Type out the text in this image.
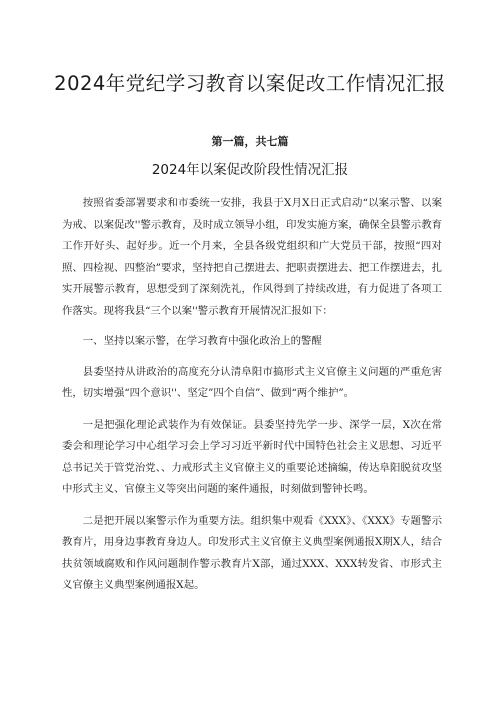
2024年党纪学习教育以案促改工作情况汇报
第一篇，共七篇
2024年以案促改阶段性情况汇报

按照省委部署要求和市委统一安排，我县于X月X日正式启动“以案示警、以案为戒、以案促改''警示教育，及时成立领导小组，印发实施方案，确保全县警示教育工作开好头、起好步。近一个月来，全县各级党组织和广大党员干部，按照“四对照、四检视、四整治”要求，坚持把自己摆进去、把职责摆进去、把工作摆进去，扎实开展警示教育，思想受到了深刻洗礼，作风得到了持续改进，有力促进了各项工作落实。现将我县“三个以案''警示教育开展情况汇报如下：

一、坚持以案示警，在学习教育中强化政治上的警醒

县委坚持从讲政治的高度充分认清阜阳市搞形式主义官僚主义问题的严重危害性，切实增强“四个意识''、坚定”四个自信”、做到“两个维护”。

一是把强化理论武装作为有效保证。县委坚持先学一步、深学一层，X次在常委会和理论学习中心组学习会上学习习近平新时代中国特色社会主义思想、习近平总书记关于管党治党、、力戒形式主义官僚主义的重要论述摘编，传达阜阳脱贫攻坚中形式主义、官僚主义等突出问题的案件通报，时刻做到警钟长鸣。

二是把开展以案警示作为重要方法。组织集中观看《XXX》、《XXX》专题警示教育片，用身边事教育身边人。印发形式主义官僚主义典型案例通报X期X人，结合扶贫领域腐败和作风问题制作警示教育片X部，通过XXX、XXX转发省、市形式主义官僚主义典型案例通报X起。
